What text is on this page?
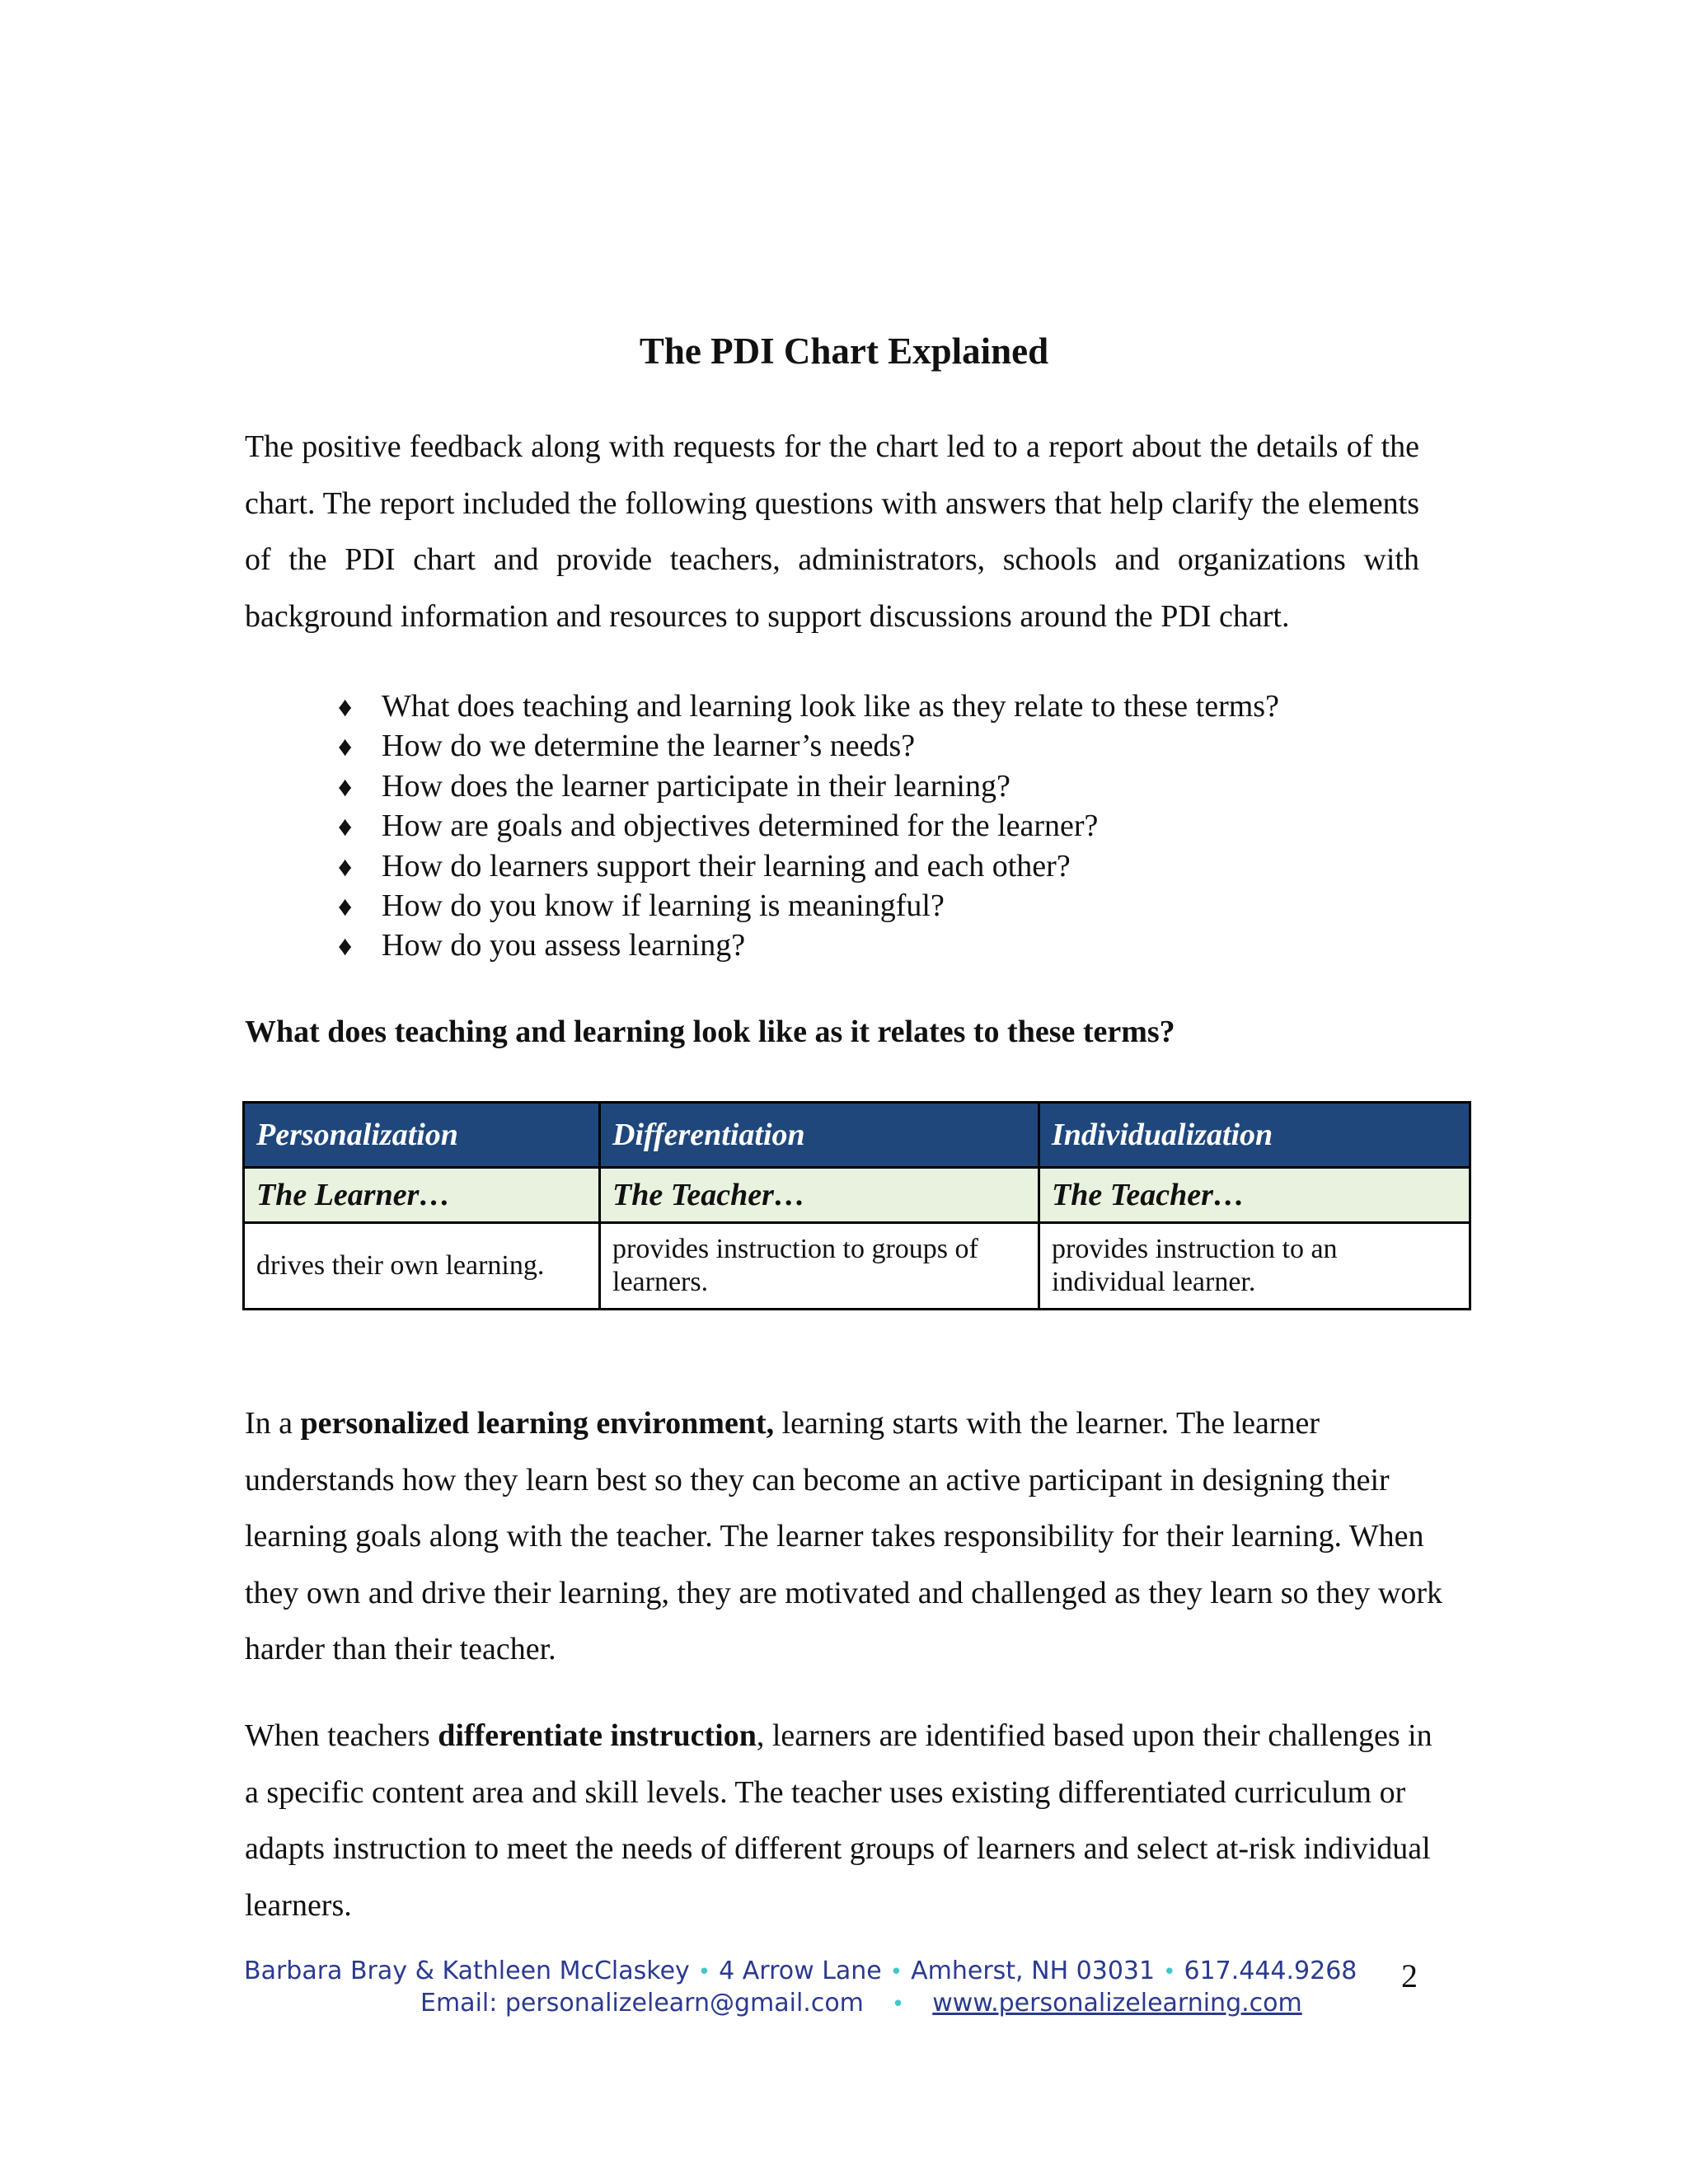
The PDI Chart Explained

The positive feedback along with requests for the chart led to a report about the details of the chart. The report included the following questions with answers that help clarify the elements of the PDI chart and provide teachers, administrators, schools and organizations with background information and resources to support discussions around the PDI chart.

♦ What does teaching and learning look like as they relate to these terms?
♦ How do we determine the learner’s needs?
♦ How does the learner participate in their learning?
♦ How are goals and objectives determined for the learner?
♦ How do learners support their learning and each other?
♦ How do you know if learning is meaningful?
♦ How do you assess learning?
What does teaching and learning look like as it relates to these terms?
Personalization	Differentiation	Individualization
The Learner…	The Teacher…	The Teacher…
drives their own learning.	provides instruction to groups of learners.	provides instruction to an individual learner.

In a personalized learning environment, learning starts with the learner. The learner understands how they learn best so they can become an active participant in designing their learning goals along with the teacher. The learner takes responsibility for their learning. When they own and drive their learning, they are motivated and challenged as they learn so they work harder than their teacher.

When teachers differentiate instruction, learners are identified based upon their challenges in a specific content area and skill levels. The teacher uses existing differentiated curriculum or adapts instruction to meet the needs of different groups of learners and select at-risk individual learners.

Barbara Bray & Kathleen McClaskey • 4 Arrow Lane • Amherst, NH 03031 • 617.444.9268
Email: personalizelearn@gmail.com • www.personalizelearning.com
2
